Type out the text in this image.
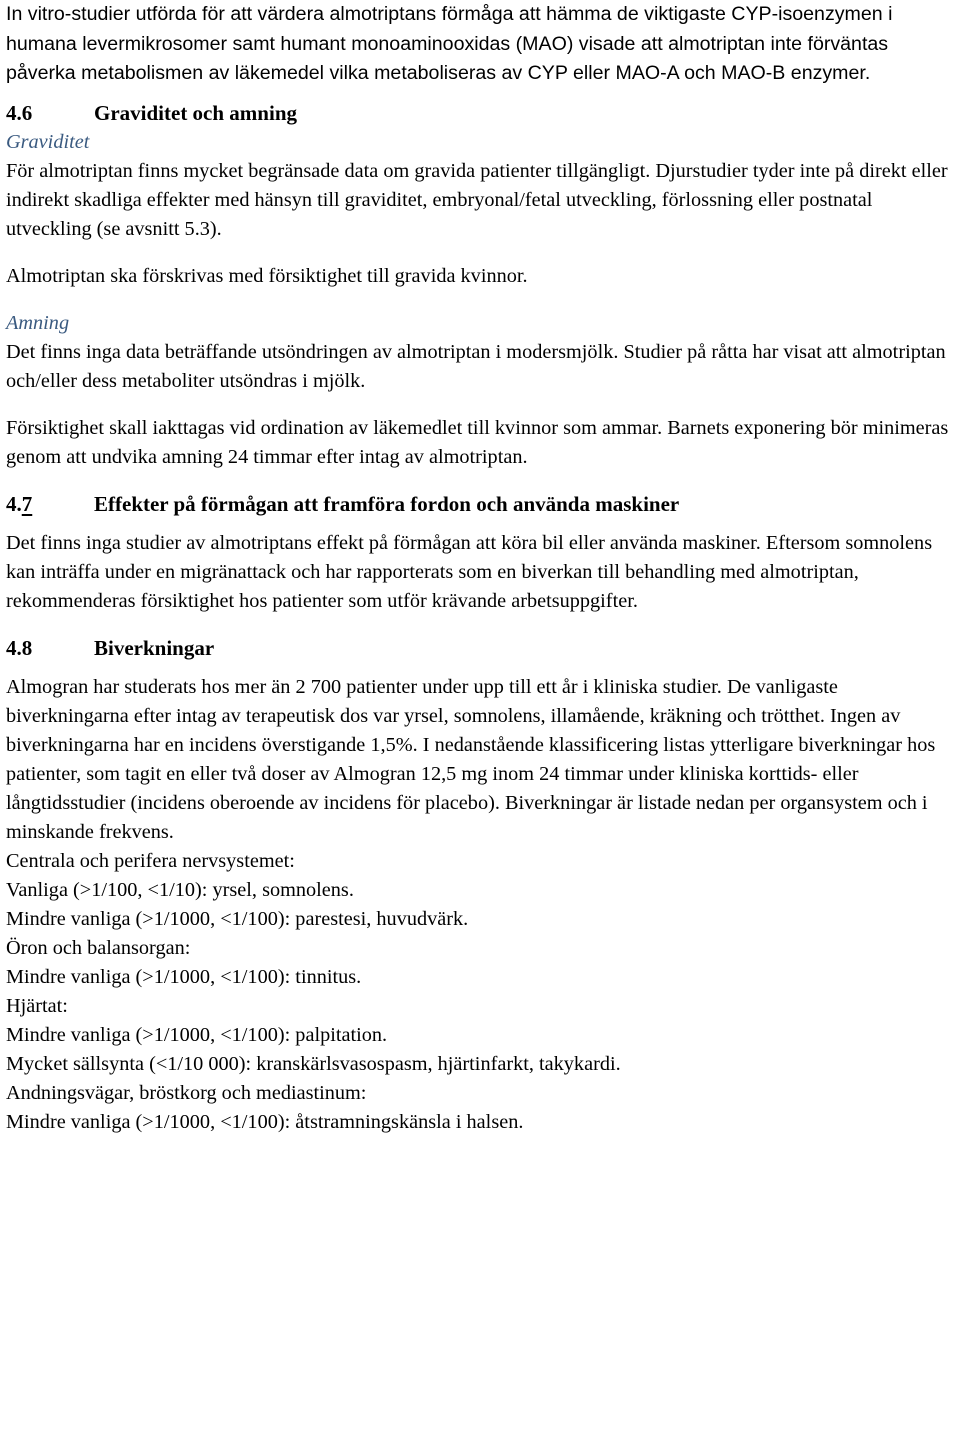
In vitro-studier utförda för att värdera almotriptans förmåga att hämma de viktigaste CYP-isoenzymen i humana levermikrosomer samt humant monoaminooxidas (MAO) visade att almotriptan inte förväntas påverka metabolismen av läkemedel vilka metaboliseras av CYP eller MAO-A och MAO-B enzymer.

4.6	Graviditet och amning
Graviditet

För almotriptan finns mycket begränsade data om gravida patienter tillgängligt. Djurstudier tyder inte på direkt eller indirekt skadliga effekter med hänsyn till graviditet, embryonal/fetal utveckling, förlossning eller postnatal utveckling (se avsnitt 5.3).

Almotriptan ska förskrivas med försiktighet till gravida kvinnor.

Amning

Det finns inga data beträffande utsöndringen av almotriptan i modersmjölk. Studier på råtta har visat att almotriptan och/eller dess metaboliter utsöndras i mjölk.

Försiktighet skall iakttagas vid ordination av läkemedlet till kvinnor som ammar. Barnets exponering bör minimeras genom att undvika amning 24 timmar efter intag av almotriptan.

4.7	Effekter på förmågan att framföra fordon och använda maskiner

Det finns inga studier av almotriptans effekt på förmågan att köra bil eller använda maskiner. Eftersom somnolens kan inträffa under en migränattack och har rapporterats som en biverkan till behandling med almotriptan, rekommenderas försiktighet hos patienter som utför krävande arbetsuppgifter.

4.8	Biverkningar

Almogran har studerats hos mer än 2 700 patienter under upp till ett år i kliniska studier. De vanligaste biverkningarna efter intag av terapeutisk dos var yrsel, somnolens, illamående, kräkning och trötthet. Ingen av biverkningarna har en incidens överstigande 1,5%. I nedanstående klassificering listas ytterligare biverkningar hos patienter, som tagit en eller två doser av Almogran 12,5 mg inom 24 timmar under kliniska korttids- eller långtidsstudier (incidens oberoende av incidens för placebo). Biverkningar är listade nedan per organsystem och i minskande frekvens.

Centrala och perifera nervsystemet:
Vanliga (>1/100, <1/10): yrsel, somnolens.
Mindre vanliga (>1/1000, <1/100): parestesi, huvudvärk.
Öron och balansorgan:
Mindre vanliga (>1/1000, <1/100): tinnitus.
Hjärtat:
Mindre vanliga (>1/1000, <1/100): palpitation.
Mycket sällsynta (<1/10 000): kranskärlsvasospasm, hjärtinfarkt, takykardi.
Andningsvägar, bröstkorg och mediastinum:
Mindre vanliga (>1/1000, <1/100): åtstramningskänsla i halsen.
